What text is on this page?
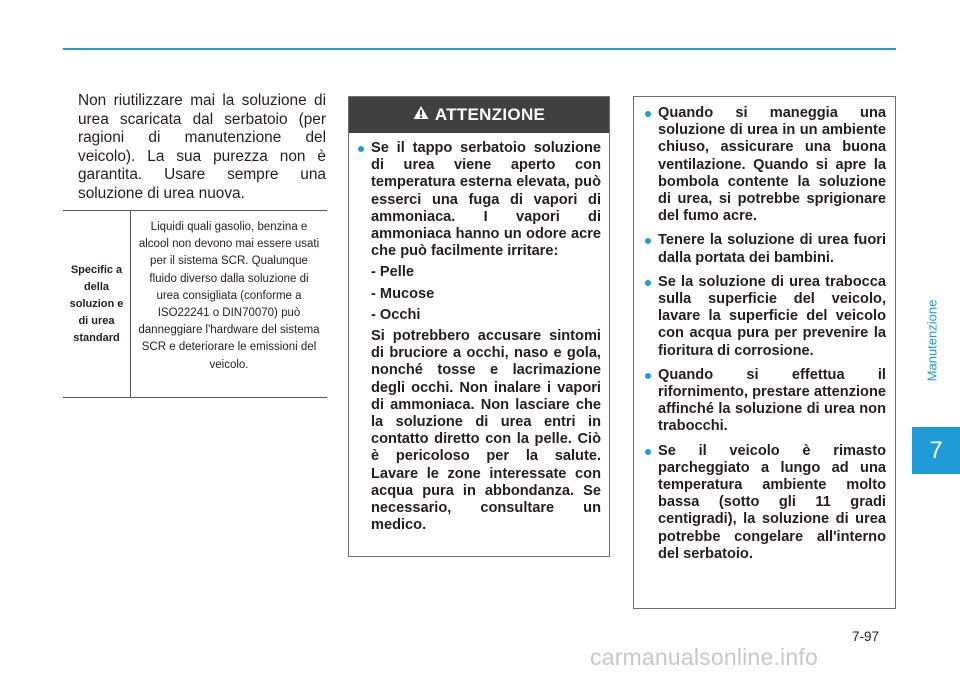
Non riutilizzare mai la soluzione di urea scaricata dal serbatoio (per ragioni di manutenzione del veicolo). La sua purezza non è garantita. Usare sempre una soluzione di urea nuova.

Specific a della soluzion e di urea standard
Liquidi quali gasolio, benzina e alcool non devono mai essere usati per il sistema SCR. Qualunque fluido diverso dalla soluzione di urea consigliata (conforme a ISO22241 o DIN70070) può danneggiare l'hardware del sistema SCR e deteriorare le emissioni del veicolo.
ATTENZIONE

Se il tappo serbatoio soluzione di urea viene aperto con temperatura esterna elevata, può esserci una fuga di vapori di ammoniaca. I vapori di ammoniaca hanno un odore acre che può facilmente irritare:

- Pelle

- Mucose

- Occhi

Si potrebbero accusare sintomi di bruciore a occhi, naso e gola, nonché tosse e lacrimazione degli occhi. Non inalare i vapori di ammoniaca. Non lasciare che la soluzione di urea entri in contatto diretto con la pelle. Ciò è pericoloso per la salute. Lavare le zone interessate con acqua pura in abbondanza. Se necessario, consultare un medico.

Quando si maneggia una soluzione di urea in un ambiente chiuso, assicurare una buona ventilazione. Quando si apre la bombola contente la soluzione di urea, si potrebbe sprigionare del fumo acre.

Tenere la soluzione di urea fuori dalla portata dei bambini.

Se la soluzione di urea trabocca sulla superficie del veicolo, lavare la superficie del veicolo con acqua pura per prevenire la fioritura di corrosione.

Quando si effettua il rifornimento, prestare attenzione affinché la soluzione di urea non trabocchi.

Se il veicolo è rimasto parcheggiato a lungo ad una temperatura ambiente molto bassa (sotto gli 11 gradi centigradi), la soluzione di urea potrebbe congelare all'interno del serbatoio.

Manutenzione
7
7-97
carmanualsonline.info
